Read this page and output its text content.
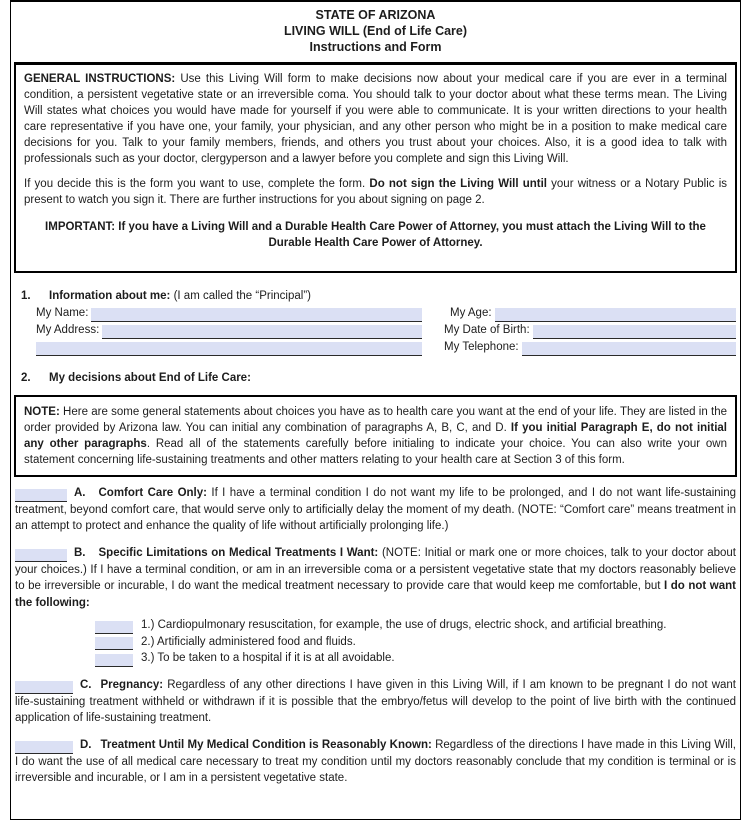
STATE OF ARIZONA
LIVING WILL (End of Life Care)
Instructions and Form

GENERAL INSTRUCTIONS: Use this Living Will form to make decisions now about your medical care if you are ever in a terminal condition, a persistent vegetative state or an irreversible coma. You should talk to your doctor about what these terms mean. The Living Will states what choices you would have made for yourself if you were able to communicate. It is your written directions to your health care representative if you have one, your family, your physician, and any other person who might be in a position to make medical care decisions for you. Talk to your family members, friends, and others you trust about your choices. Also, it is a good idea to talk with professionals such as your doctor, clergyperson and a lawyer before you complete and sign this Living Will.

If you decide this is the form you want to use, complete the form. Do not sign the Living Will until your witness or a Notary Public is present to watch you sign it. There are further instructions for you about signing on page 2.

IMPORTANT: If you have a Living Will and a Durable Health Care Power of Attorney, you must attach the Living Will to the Durable Health Care Power of Attorney.

1.	Information about me: (I am called the “Principal”)
My Name:
My Address:
My Age:
My Date of Birth:
My Telephone:
2.	My decisions about End of Life Care:
NOTE: Here are some general statements about choices you have as to health care you want at the end of your life. They are listed in the order provided by Arizona law. You can initial any combination of paragraphs A, B, C, and D. If you initial Paragraph E, do not initial any other paragraphs. Read all of the statements carefully before initialing to indicate your choice. You can also write your own statement concerning life-sustaining treatments and other matters relating to your health care at Section 3 of this form.
A. Comfort Care Only: If I have a terminal condition I do not want my life to be prolonged, and I do not want life-sustaining treatment, beyond comfort care, that would serve only to artificially delay the moment of my death. (NOTE: “Comfort care” means treatment in an attempt to protect and enhance the quality of life without artificially prolonging life.)
B. Specific Limitations on Medical Treatments I Want: (NOTE: Initial or mark one or more choices, talk to your doctor about your choices.) If I have a terminal condition, or am in an irreversible coma or a persistent vegetative state that my doctors reasonably believe to be irreversible or incurable, I do want the medical treatment necessary to provide care that would keep me comfortable, but I do not want the following:
1.) Cardiopulmonary resuscitation, for example, the use of drugs, electric shock, and artificial breathing.
2.) Artificially administered food and fluids.
3.) To be taken to a hospital if it is at all avoidable.
C. Pregnancy: Regardless of any other directions I have given in this Living Will, if I am known to be pregnant I do not want life-sustaining treatment withheld or withdrawn if it is possible that the embryo/fetus will develop to the point of live birth with the continued application of life-sustaining treatment.
D. Treatment Until My Medical Condition is Reasonably Known: Regardless of the directions I have made in this Living Will, I do want the use of all medical care necessary to treat my condition until my doctors reasonably conclude that my condition is terminal or is irreversible and incurable, or I am in a persistent vegetative state.
